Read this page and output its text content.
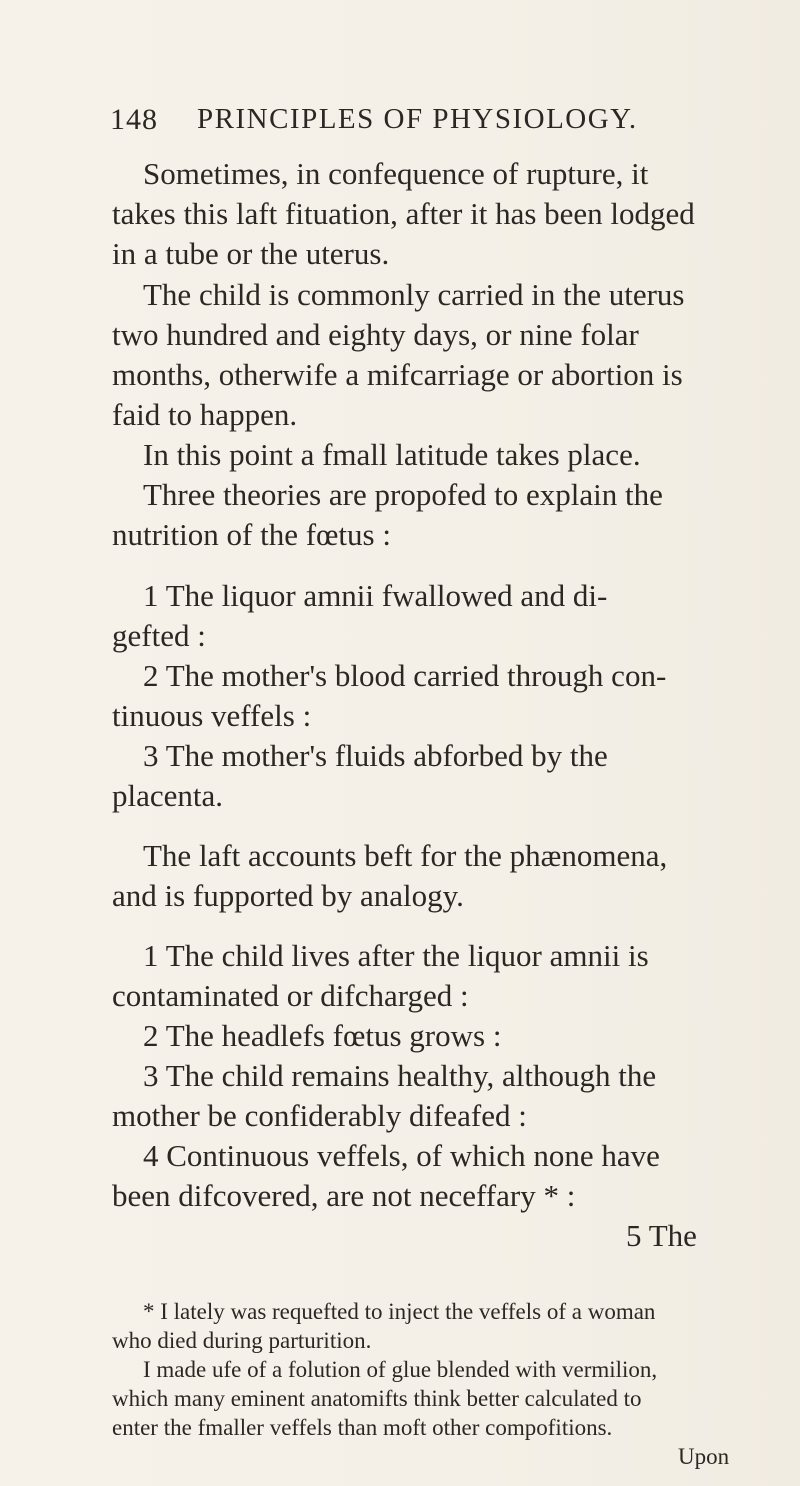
148 PRINCIPLES OF PHYSIOLOGY.
Sometimes, in confequence of rupture, it
takes this laft fituation, after it has been lodged
in a tube or the uterus.
The child is commonly carried in the uterus
two hundred and eighty days, or nine folar
months, otherwife a mifcarriage or abortion is
faid to happen.
In this point a fmall latitude takes place.
Three theories are propofed to explain the
nutrition of the fœtus :
1 The liquor amnii fwallowed and di-
gefted :
2 The mother's blood carried through con-
tinuous veffels :
3 The mother's fluids abforbed by the
placenta.
The laft accounts beft for the phænomena,
and is fupported by analogy.
1 The child lives after the liquor amnii is
contaminated or difcharged :
2 The headlefs fœtus grows :
3 The child remains healthy, although the
mother be confiderably difeafed :
4 Continuous veffels, of which none have
been difcovered, are not neceffary * :
5 The
* I lately was requefted to inject the veffels of a woman
who died during parturition.
I made ufe of a folution of glue blended with vermilion,
which many eminent anatomifts think better calculated to
enter the fmaller veffels than moft other compofitions.
Upon
